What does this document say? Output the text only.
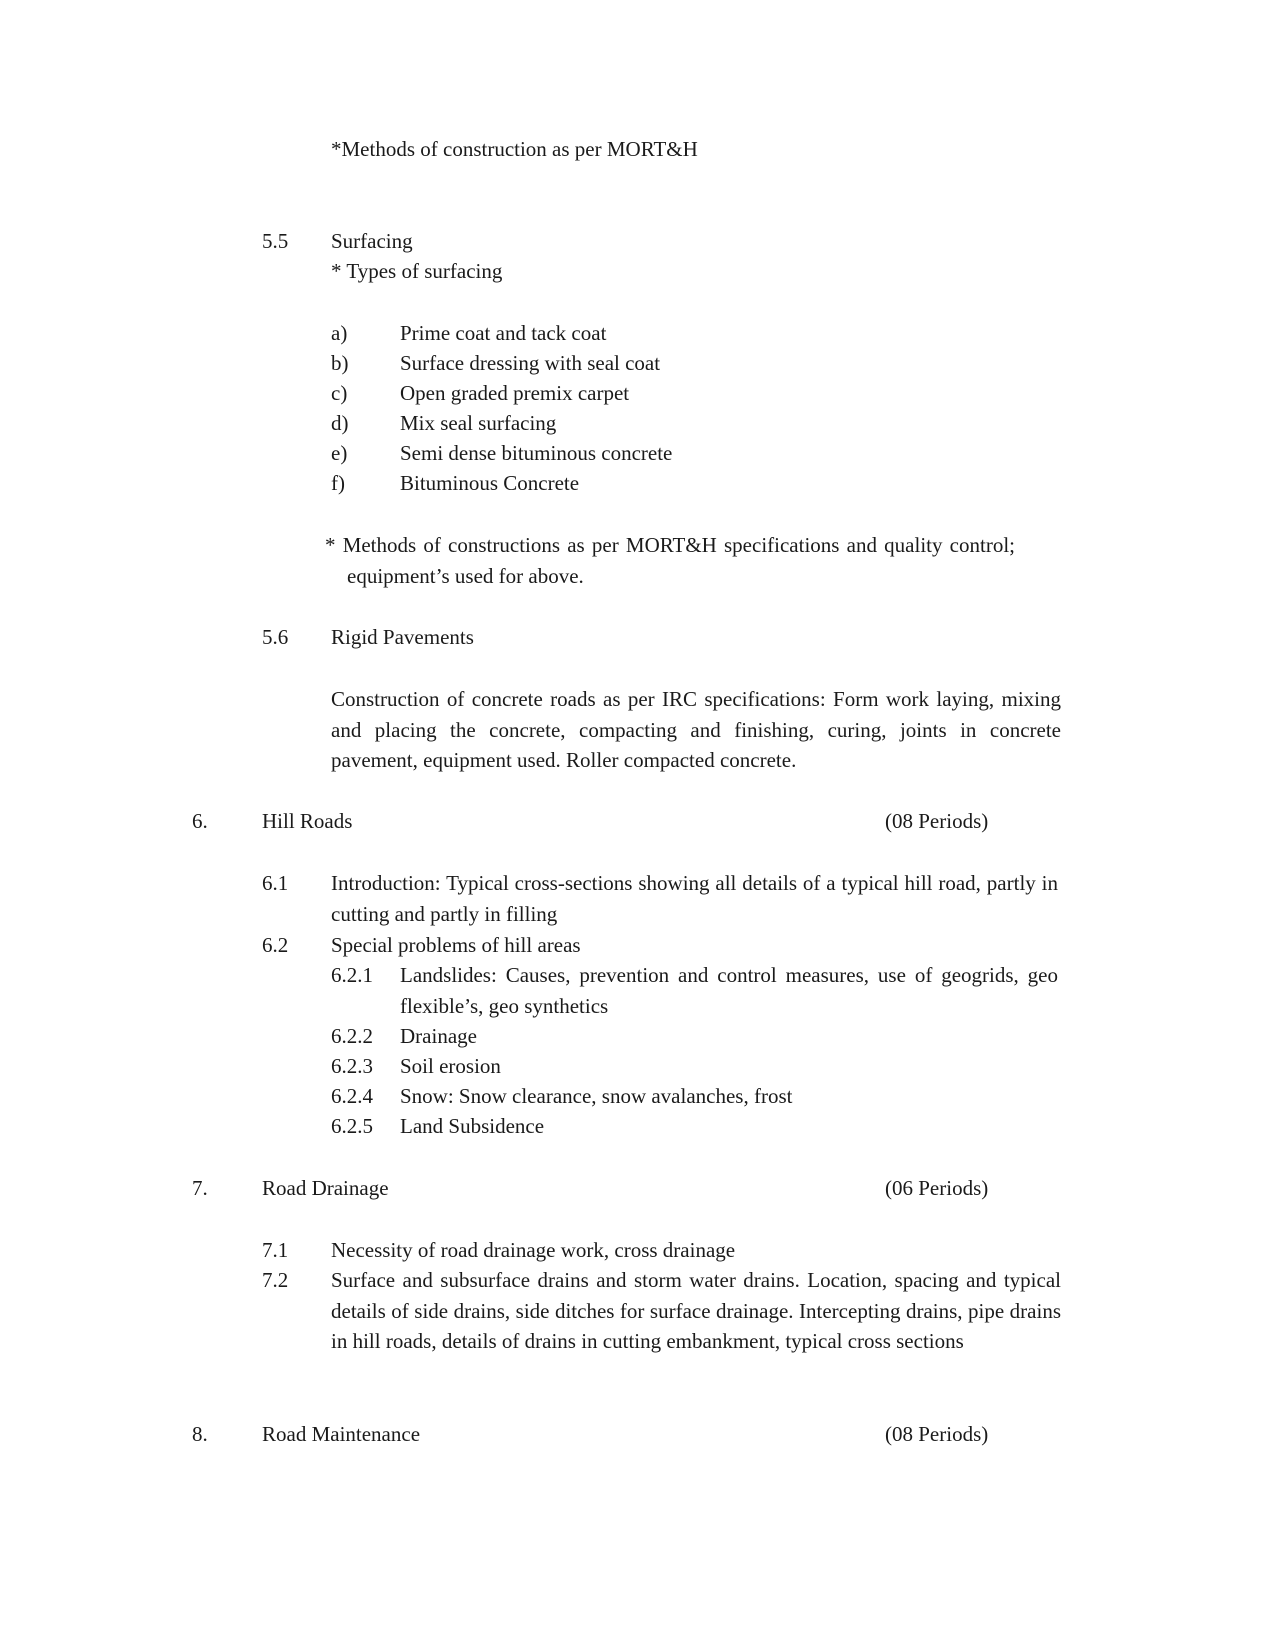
*Methods of construction as per MORT&H

5.5 Surfacing

* Types of surfacing

a)	Prime coat and tack coat

b) Surface dressing with seal coat

c)	Open graded premix carpet

d) Mix seal surfacing

e)	Semi dense bituminous concrete

f)	Bituminous Concrete

* Methods of constructions as per MORT&H specifications and quality control; equipment’s used for above.

5.6 Rigid Pavements

Construction of concrete roads as per IRC specifications: Form work laying, mixing and placing the concrete, compacting and finishing, curing, joints in concrete pavement, equipment used. Roller compacted concrete.

6.	Hill Roads	(08 Periods)

6.1 Introduction: Typical cross-sections showing all details of a typical hill road, partly in cutting and partly in filling

6.2 Special problems of hill areas

6.2.1 Landslides: Causes, prevention and control measures, use of geogrids, geo flexible’s, geo synthetics

6.2.2 Drainage

6.2.3 Soil erosion

6.2.4 Snow: Snow clearance, snow avalanches, frost

6.2.5 Land Subsidence

7.	Road Drainage	(06 Periods)

7.1 Necessity of road drainage work, cross drainage

7.2 Surface and subsurface drains and storm water drains. Location, spacing and typical details of side drains, side ditches for surface drainage. Intercepting drains, pipe drains in hill roads, details of drains in cutting embankment, typical cross sections

8.	Road Maintenance	(08 Periods)
